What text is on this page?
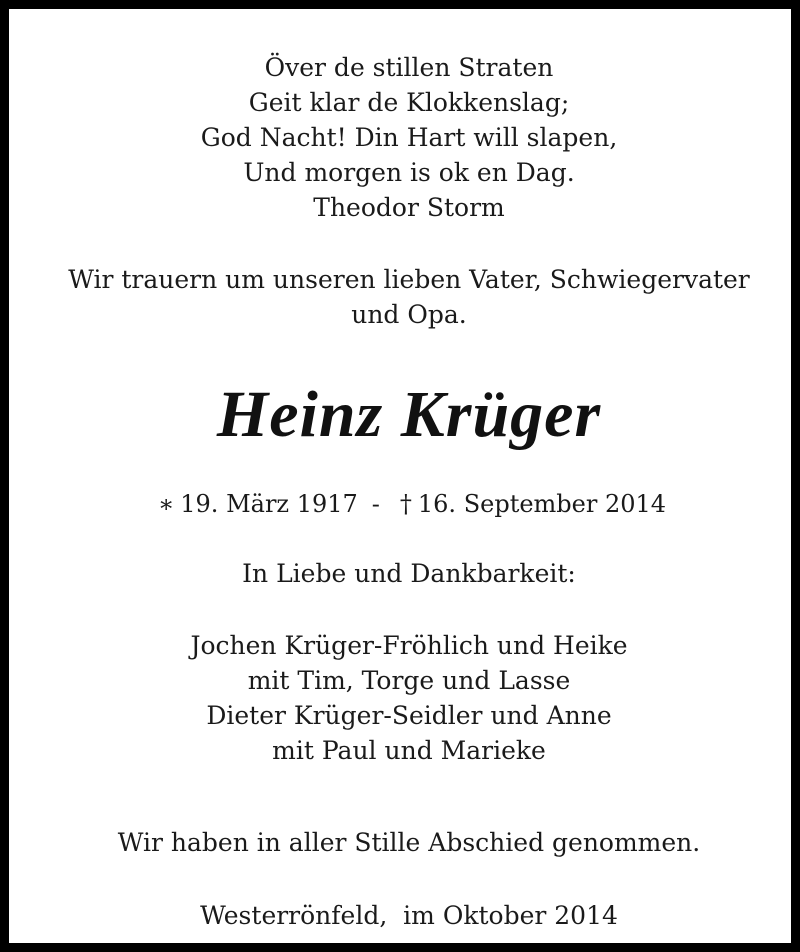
Över de stillen Straten
Geit klar de Klokkenslag;
God Nacht! Din Hart will slapen,
Und morgen is ok en Dag.
Theodor Storm
Wir trauern um unseren lieben Vater, Schwiegervater
und Opa.
Heinz Krüger
∗ 19. März 1917 - † 16. September 2014
In Liebe und Dankbarkeit:
Jochen Krüger-Fröhlich und Heike
mit Tim, Torge und Lasse
Dieter Krüger-Seidler und Anne
mit Paul und Marieke
Wir haben in aller Stille Abschied genommen.
Westerrönfeld,  im Oktober 2014
